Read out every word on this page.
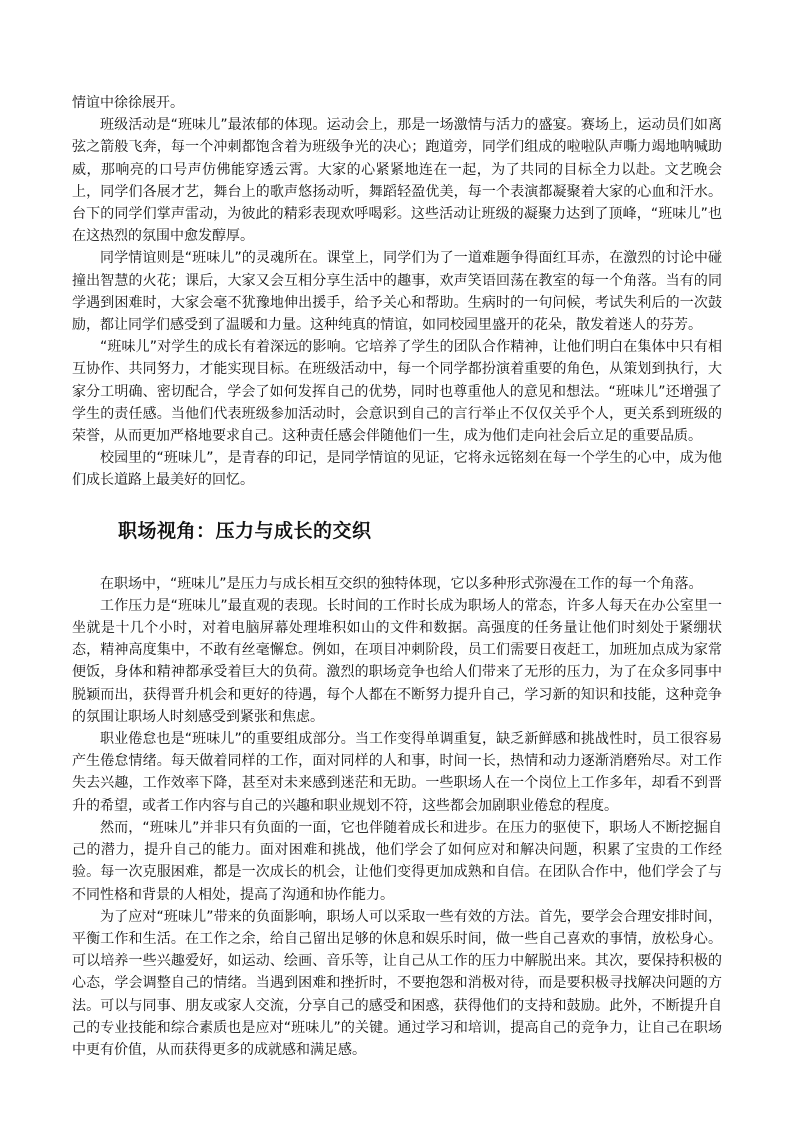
情谊中徐徐展开。

班级活动是“班味儿”最浓郁的体现。运动会上，那是一场激情与活力的盛宴。赛场上，运动员们如离弦之箭般飞奔，每一个冲刺都饱含着为班级争光的决心；跑道旁，同学们组成的啦啦队声嘶力竭地呐喊助威，那响亮的口号声仿佛能穿透云霄。大家的心紧紧地连在一起，为了共同的目标全力以赴。文艺晚会上，同学们各展才艺，舞台上的歌声悠扬动听，舞蹈轻盈优美，每一个表演都凝聚着大家的心血和汗水。台下的同学们掌声雷动，为彼此的精彩表现欢呼喝彩。这些活动让班级的凝聚力达到了顶峰，“班味儿”也在这热烈的氛围中愈发醇厚。

同学情谊则是“班味儿”的灵魂所在。课堂上，同学们为了一道难题争得面红耳赤，在激烈的讨论中碰撞出智慧的火花；课后，大家又会互相分享生活中的趣事，欢声笑语回荡在教室的每一个角落。当有的同学遇到困难时，大家会毫不犹豫地伸出援手，给予关心和帮助。生病时的一句问候，考试失利后的一次鼓励，都让同学们感受到了温暖和力量。这种纯真的情谊，如同校园里盛开的花朵，散发着迷人的芬芳。

“班味儿”对学生的成长有着深远的影响。它培养了学生的团队合作精神，让他们明白在集体中只有相互协作、共同努力，才能实现目标。在班级活动中，每一个同学都扮演着重要的角色，从策划到执行，大家分工明确、密切配合，学会了如何发挥自己的优势，同时也尊重他人的意见和想法。“班味儿”还增强了学生的责任感。当他们代表班级参加活动时，会意识到自己的言行举止不仅仅关乎个人，更关系到班级的荣誉，从而更加严格地要求自己。这种责任感会伴随他们一生，成为他们走向社会后立足的重要品质。

校园里的“班味儿”，是青春的印记，是同学情谊的见证，它将永远铭刻在每一个学生的心中，成为他们成长道路上最美好的回忆。

职场视角：压力与成长的交织

在职场中，“班味儿”是压力与成长相互交织的独特体现，它以多种形式弥漫在工作的每一个角落。

工作压力是“班味儿”最直观的表现。长时间的工作时长成为职场人的常态，许多人每天在办公室里一坐就是十几个小时，对着电脑屏幕处理堆积如山的文件和数据。高强度的任务量让他们时刻处于紧绷状态，精神高度集中，不敢有丝毫懈怠。例如，在项目冲刺阶段，员工们需要日夜赶工，加班加点成为家常便饭，身体和精神都承受着巨大的负荷。激烈的职场竞争也给人们带来了无形的压力，为了在众多同事中脱颖而出，获得晋升机会和更好的待遇，每个人都在不断努力提升自己，学习新的知识和技能，这种竞争的氛围让职场人时刻感受到紧张和焦虑。

职业倦怠也是“班味儿”的重要组成部分。当工作变得单调重复，缺乏新鲜感和挑战性时，员工很容易产生倦怠情绪。每天做着同样的工作，面对同样的人和事，时间一长，热情和动力逐渐消磨殆尽。对工作失去兴趣，工作效率下降，甚至对未来感到迷茫和无助。一些职场人在一个岗位上工作多年，却看不到晋升的希望，或者工作内容与自己的兴趣和职业规划不符，这些都会加剧职业倦怠的程度。

然而，“班味儿”并非只有负面的一面，它也伴随着成长和进步。在压力的驱使下，职场人不断挖掘自己的潜力，提升自己的能力。面对困难和挑战，他们学会了如何应对和解决问题，积累了宝贵的工作经验。每一次克服困难，都是一次成长的机会，让他们变得更加成熟和自信。在团队合作中，他们学会了与不同性格和背景的人相处，提高了沟通和协作能力。

为了应对“班味儿”带来的负面影响，职场人可以采取一些有效的方法。首先，要学会合理安排时间，平衡工作和生活。在工作之余，给自己留出足够的休息和娱乐时间，做一些自己喜欢的事情，放松身心。可以培养一些兴趣爱好，如运动、绘画、音乐等，让自己从工作的压力中解脱出来。其次，要保持积极的心态，学会调整自己的情绪。当遇到困难和挫折时，不要抱怨和消极对待，而是要积极寻找解决问题的方法。可以与同事、朋友或家人交流，分享自己的感受和困惑，获得他们的支持和鼓励。此外，不断提升自己的专业技能和综合素质也是应对“班味儿”的关键。通过学习和培训，提高自己的竞争力，让自己在职场中更有价值，从而获得更多的成就感和满足感。
